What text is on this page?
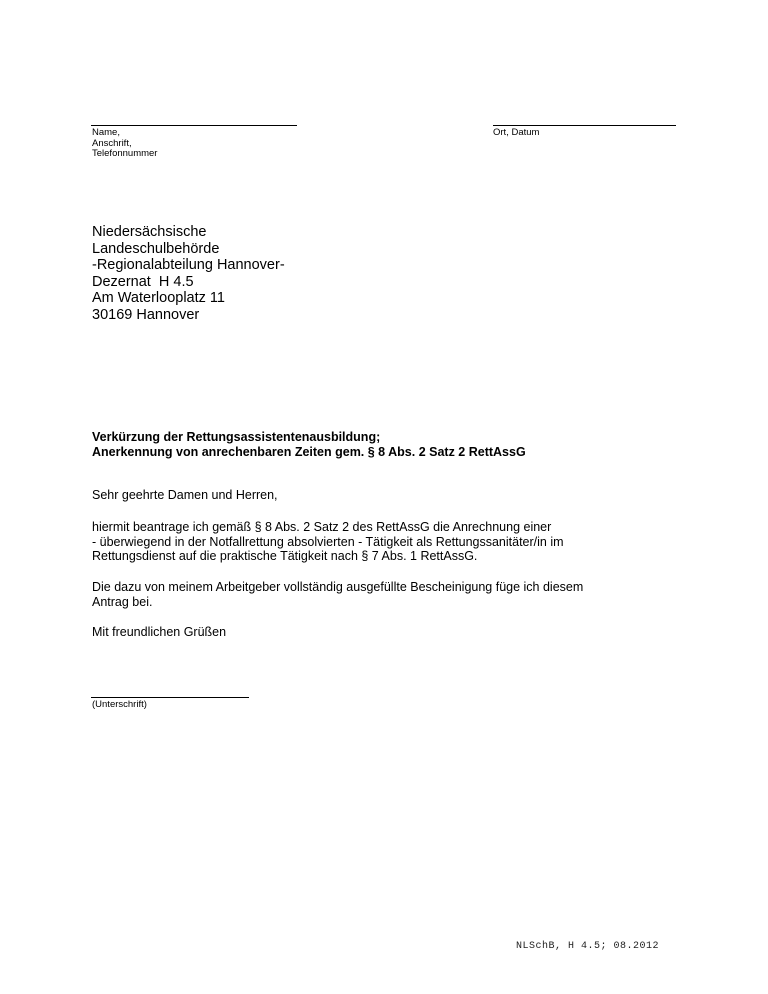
Name,
Anschrift,
Telefonnummer
Ort, Datum
Niedersächsische
Landeschulbehörde
-Regionalabteilung Hannover-
Dezernat  H 4.5
Am Waterlooplatz 11
30169 Hannover
Verkürzung der Rettungsassistentenausbildung;
Anerkennung von anrechenbaren Zeiten gem. § 8 Abs. 2 Satz 2 RettAssG
Sehr geehrte Damen und Herren,
hiermit beantrage ich gemäß § 8 Abs. 2 Satz 2 des RettAssG die Anrechnung einer
- überwiegend in der Notfallrettung absolvierten - Tätigkeit als Rettungssanitäter/in im
Rettungsdienst auf die praktische Tätigkeit nach § 7 Abs. 1 RettAssG.
Die dazu von meinem Arbeitgeber vollständig ausgefüllte Bescheinigung füge ich diesem
Antrag bei.
Mit freundlichen Grüßen
(Unterschrift)
NLSchB, H 4.5; 08.2012
